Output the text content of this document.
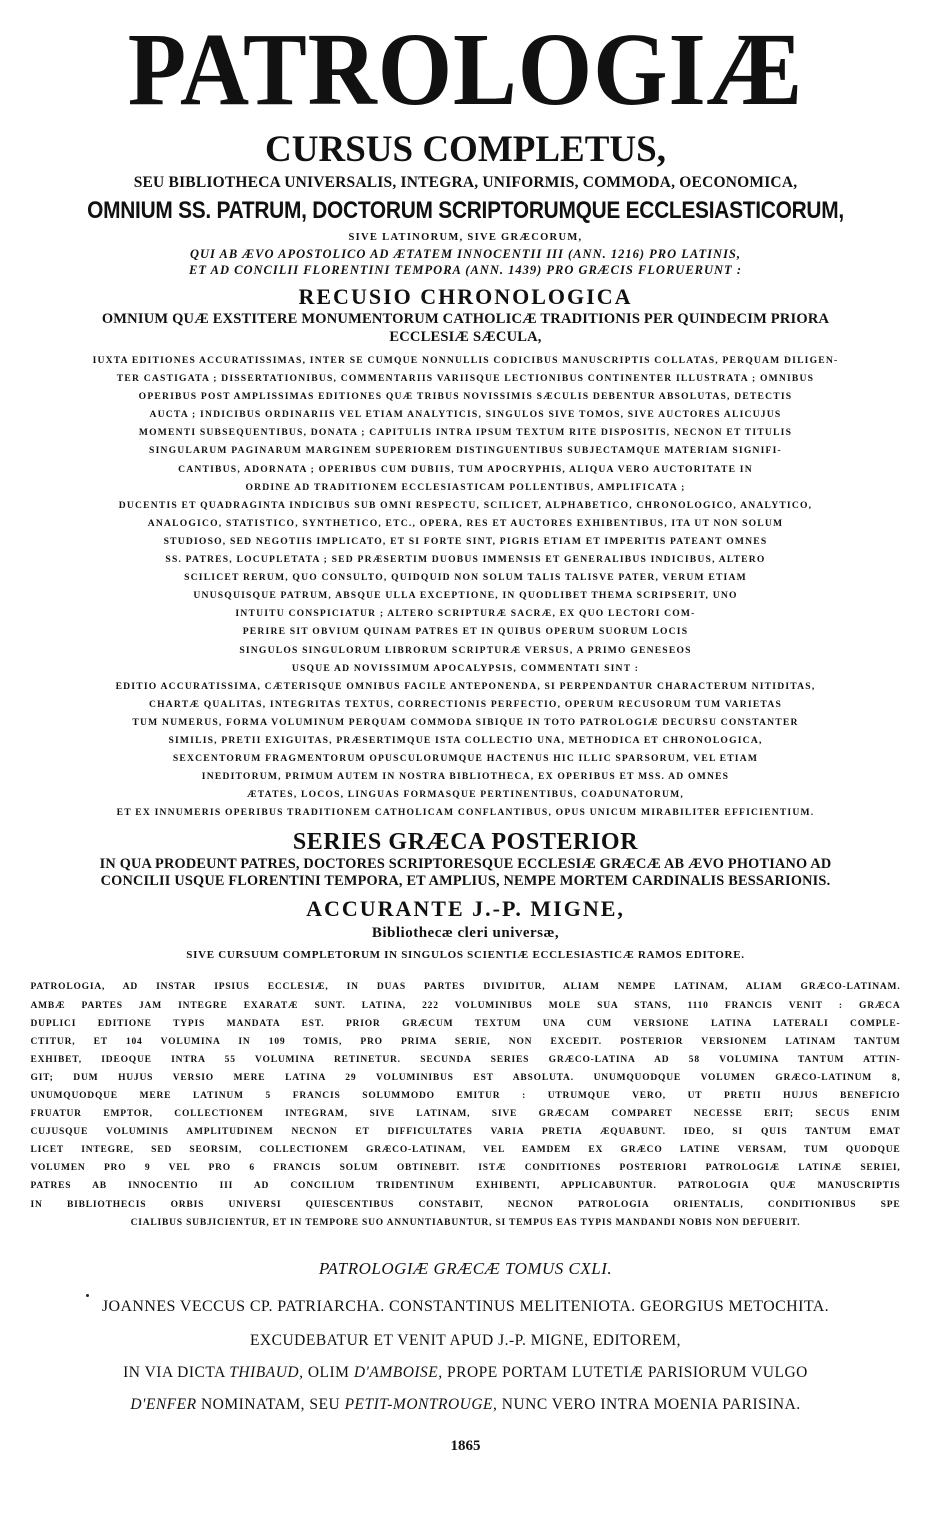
PATROLOGIÆ
CURSUS COMPLETUS,
SEU BIBLIOTHECA UNIVERSALIS, INTEGRA, UNIFORMIS, COMMODA, OECONOMICA,
OMNIUM SS. PATRUM, DOCTORUM SCRIPTORUMQUE ECCLESIASTICORUM,
SIVE LATINORUM, SIVE GRÆCORUM,
QUI AB ÆVO APOSTOLICO AD ÆTATEM INNOCENTII III (ANN. 1216) PRO LATINIS,
ET AD CONCILII FLORENTINI TEMPORA (ANN. 1439) PRO GRÆCIS FLORUERUNT :
RECUSIO CHRONOLOGICA
OMNIUM QUÆ EXSTITERE MONUMENTORUM CATHOLICÆ TRADITIONIS PER QUINDECIM PRIORA
ECCLESIÆ SÆCULA,
IUXTA EDITIONES ACCURATISSIMAS, INTER SE CUMQUE NONNULLIS CODICIBUS MANUSCRIPTIS COLLATAS, PERQUAM DILIGEN-
TER CASTIGATA ; DISSERTATIONIBUS, COMMENTARIIS VARIISQUE LECTIONIBUS CONTINENTER ILLUSTRATA ; OMNIBUS
OPERIBUS POST AMPLISSIMAS EDITIONES QUÆ TRIBUS NOVISSIMIS SÆCULIS DEBENTUR ABSOLUTAS, DETECTIS
AUCTA ; INDICIBUS ORDINARIIS VEL ETIAM ANALYTICIS, SINGULOS SIVE TOMOS, SIVE AUCTORES ALICUJUS
MOMENTI SUBSEQUENTIBUS, DONATA ; CAPITULIS INTRA IPSUM TEXTUM RITE DISPOSITIS, NECNON ET TITULIS
SINGULARUM PAGINARUM MARGINEM SUPERIOREM DISTINGUENTIBUS SUBJECTAMQUE MATERIAM SIGNIFI-
CANTIBUS, ADORNATA ; OPERIBUS CUM DUBIIS, TUM APOCRYPHIS, ALIQUA VERO AUCTORITATE IN
ORDINE AD TRADITIONEM ECCLESIASTICAM POLLENTIBUS, AMPLIFICATA ;
DUCENTIS ET QUADRAGINTA INDICIBUS SUB OMNI RESPECTU, SCILICET, ALPHABETICO, CHRONOLOGICO, ANALYTICO,
ANALOGICO, STATISTICO, SYNTHETICO, ETC., OPERA, RES ET AUCTORES EXHIBENTIBUS, ITA UT NON SOLUM
STUDIOSO, SED NEGOTIIS IMPLICATO, ET SI FORTE SINT, PIGRIS ETIAM ET IMPERITIS PATEANT OMNES
SS. PATRES, LOCUPLETATA ; SED PRÆSERTIM DUOBUS IMMENSIS ET GENERALIBUS INDICIBUS, ALTERO
SCILICET RERUM, QUO CONSULTO, QUIDQUID NON SOLUM TALIS TALISVE PATER, VERUM ETIAM
UNUSQUISQUE PATRUM, ABSQUE ULLA EXCEPTIONE, IN QUODLIBET THEMA SCRIPSERIT, UNO
INTUITU CONSPICIATUR ; ALTERO SCRIPTURÆ SACRÆ, EX QUO LECTORI COM-
PERIRE SIT OBVIUM QUINAM PATRES ET IN QUIBUS OPERUM SUORUM LOCIS
SINGULOS SINGULORUM LIBRORUM SCRIPTURÆ VERSUS, A PRIMO GENESEOS
USQUE AD NOVISSIMUM APOCALYPSIS, COMMENTATI SINT :
EDITIO ACCURATISSIMA, CÆTERISQUE OMNIBUS FACILE ANTEPONENDA, SI PERPENDANTUR CHARACTERUM NITIDITAS,
CHARTÆ QUALITAS, INTEGRITAS TEXTUS, CORRECTIONIS PERFECTIO, OPERUM RECUSORUM TUM VARIETAS
TUM NUMERUS, FORMA VOLUMINUM PERQUAM COMMODA SIBIQUE IN TOTO PATROLOGIÆ DECURSU CONSTANTER
SIMILIS, PRETII EXIGUITAS, PRÆSERTIMQUE ISTA COLLECTIO UNA, METHODICA ET CHRONOLOGICA,
SEXCENTORUM FRAGMENTORUM OPUSCULORUMQUE HACTENUS HIC ILLIC SPARSORUM, VEL ETIAM
INEDITORUM, PRIMUM AUTEM IN NOSTRA BIBLIOTHECA, EX OPERIBUS ET MSS. AD OMNES
ÆTATES, LOCOS, LINGUAS FORMASQUE PERTINENTIBUS, COADUNATORUM,
ET EX INNUMERIS OPERIBUS TRADITIONEM CATHOLICAM CONFLANTIBUS, OPUS UNICUM MIRABILITER EFFICIENTIUM.
SERIES GRÆCA POSTERIOR
IN QUA PRODEUNT PATRES, DOCTORES SCRIPTORESQUE ECCLESIÆ GRÆCÆ AB ÆVO PHOTIANO AD
CONCILII USQUE FLORENTINI TEMPORA, ET AMPLIUS, NEMPE MORTEM CARDINALIS BESSARIONIS.
ACCURANTE J.-P. MIGNE,
Bibliothecæ cleri universæ,
SIVE CURSUUM COMPLETORUM IN SINGULOS SCIENTIÆ ECCLESIASTICÆ RAMOS EDITORE.
PATROLOGIA, AD INSTAR IPSIUS ECCLESIÆ, IN DUAS PARTES DIVIDITUR, ALIAM NEMPE LATINAM, ALIAM GRÆCO-LATINAM.
AMBÆ PARTES JAM INTEGRE EXARATÆ SUNT. LATINA, 222 VOLUMINIBUS MOLE SUA STANS, 1110 FRANCIS VENIT : GRÆCA
DUPLICI EDITIONE TYPIS MANDATA EST. PRIOR GRÆCUM TEXTUM UNA CUM VERSIONE LATINA LATERALI COMPLE-
CTITUR, ET 104 VOLUMINA IN 109 TOMIS, PRO PRIMA SERIE, NON EXCEDIT. POSTERIOR VERSIONEM LATINAM TANTUM
EXHIBET, IDEOQUE INTRA 55 VOLUMINA RETINETUR. SECUNDA SERIES GRÆCO-LATINA AD 58 VOLUMINA TANTUM ATTIN-
GIT; DUM HUJUS VERSIO MERE LATINA 29 VOLUMINIBUS EST ABSOLUTA. UNUMQUODQUE VOLUMEN GRÆCO-LATINUM 8,
UNUMQUODQUE MERE LATINUM 5 FRANCIS SOLUMMODO EMITUR : UTRUMQUE VERO, UT PRETII HUJUS BENEFICIO
FRUATUR EMPTOR, COLLECTIONEM INTEGRAM, SIVE LATINAM, SIVE GRÆCAM COMPARET NECESSE ERIT; SECUS ENIM
CUJUSQUE VOLUMINIS AMPLITUDINEM NECNON ET DIFFICULTATES VARIA PRETIA ÆQUABUNT. IDEO, SI QUIS TANTUM EMAT
LICET INTEGRE, SED SEORSIM, COLLECTIONEM GRÆCO-LATINAM, VEL EAMDEM EX GRÆCO LATINE VERSAM, TUM QUODQUE
VOLUMEN PRO 9 VEL PRO 6 FRANCIS SOLUM OBTINEBIT. ISTÆ CONDITIONES POSTERIORI PATROLOGIÆ LATINÆ SERIEI,
PATRES AB INNOCENTIO III AD CONCILIUM TRIDENTINUM EXHIBENTI, APPLICABUNTUR. PATROLOGIA QUÆ MANUSCRIPTIS
IN BIBLIOTHECIS ORBIS UNIVERSI QUIESCENTIBUS CONSTABIT, NECNON PATROLOGIA ORIENTALIS, CONDITIONIBUS SPE
CIALIBUS SUBJICIENTUR, ET IN TEMPORE SUO ANNUNTIABUNTUR, SI TEMPUS EAS TYPIS MANDANDI NOBIS NON DEFUERIT.
PATROLOGIÆ GRÆCÆ TOMUS CXLI.
JOANNES VECCUS CP. PATRIARCHA. CONSTANTINUS MELITENIOTA. GEORGIUS METOCHITA.
EXCUDEBATUR ET VENIT APUD J.-P. MIGNE, EDITOREM,
IN VIA DICTA THIBAUD, OLIM D'AMBOISE, PROPE PORTAM LUTETIÆ PARISIORUM VULGO
D'ENFER NOMINATAM, SEU PETIT-MONTROUGE, NUNC VERO INTRA MOENIA PARISINA.
1865
